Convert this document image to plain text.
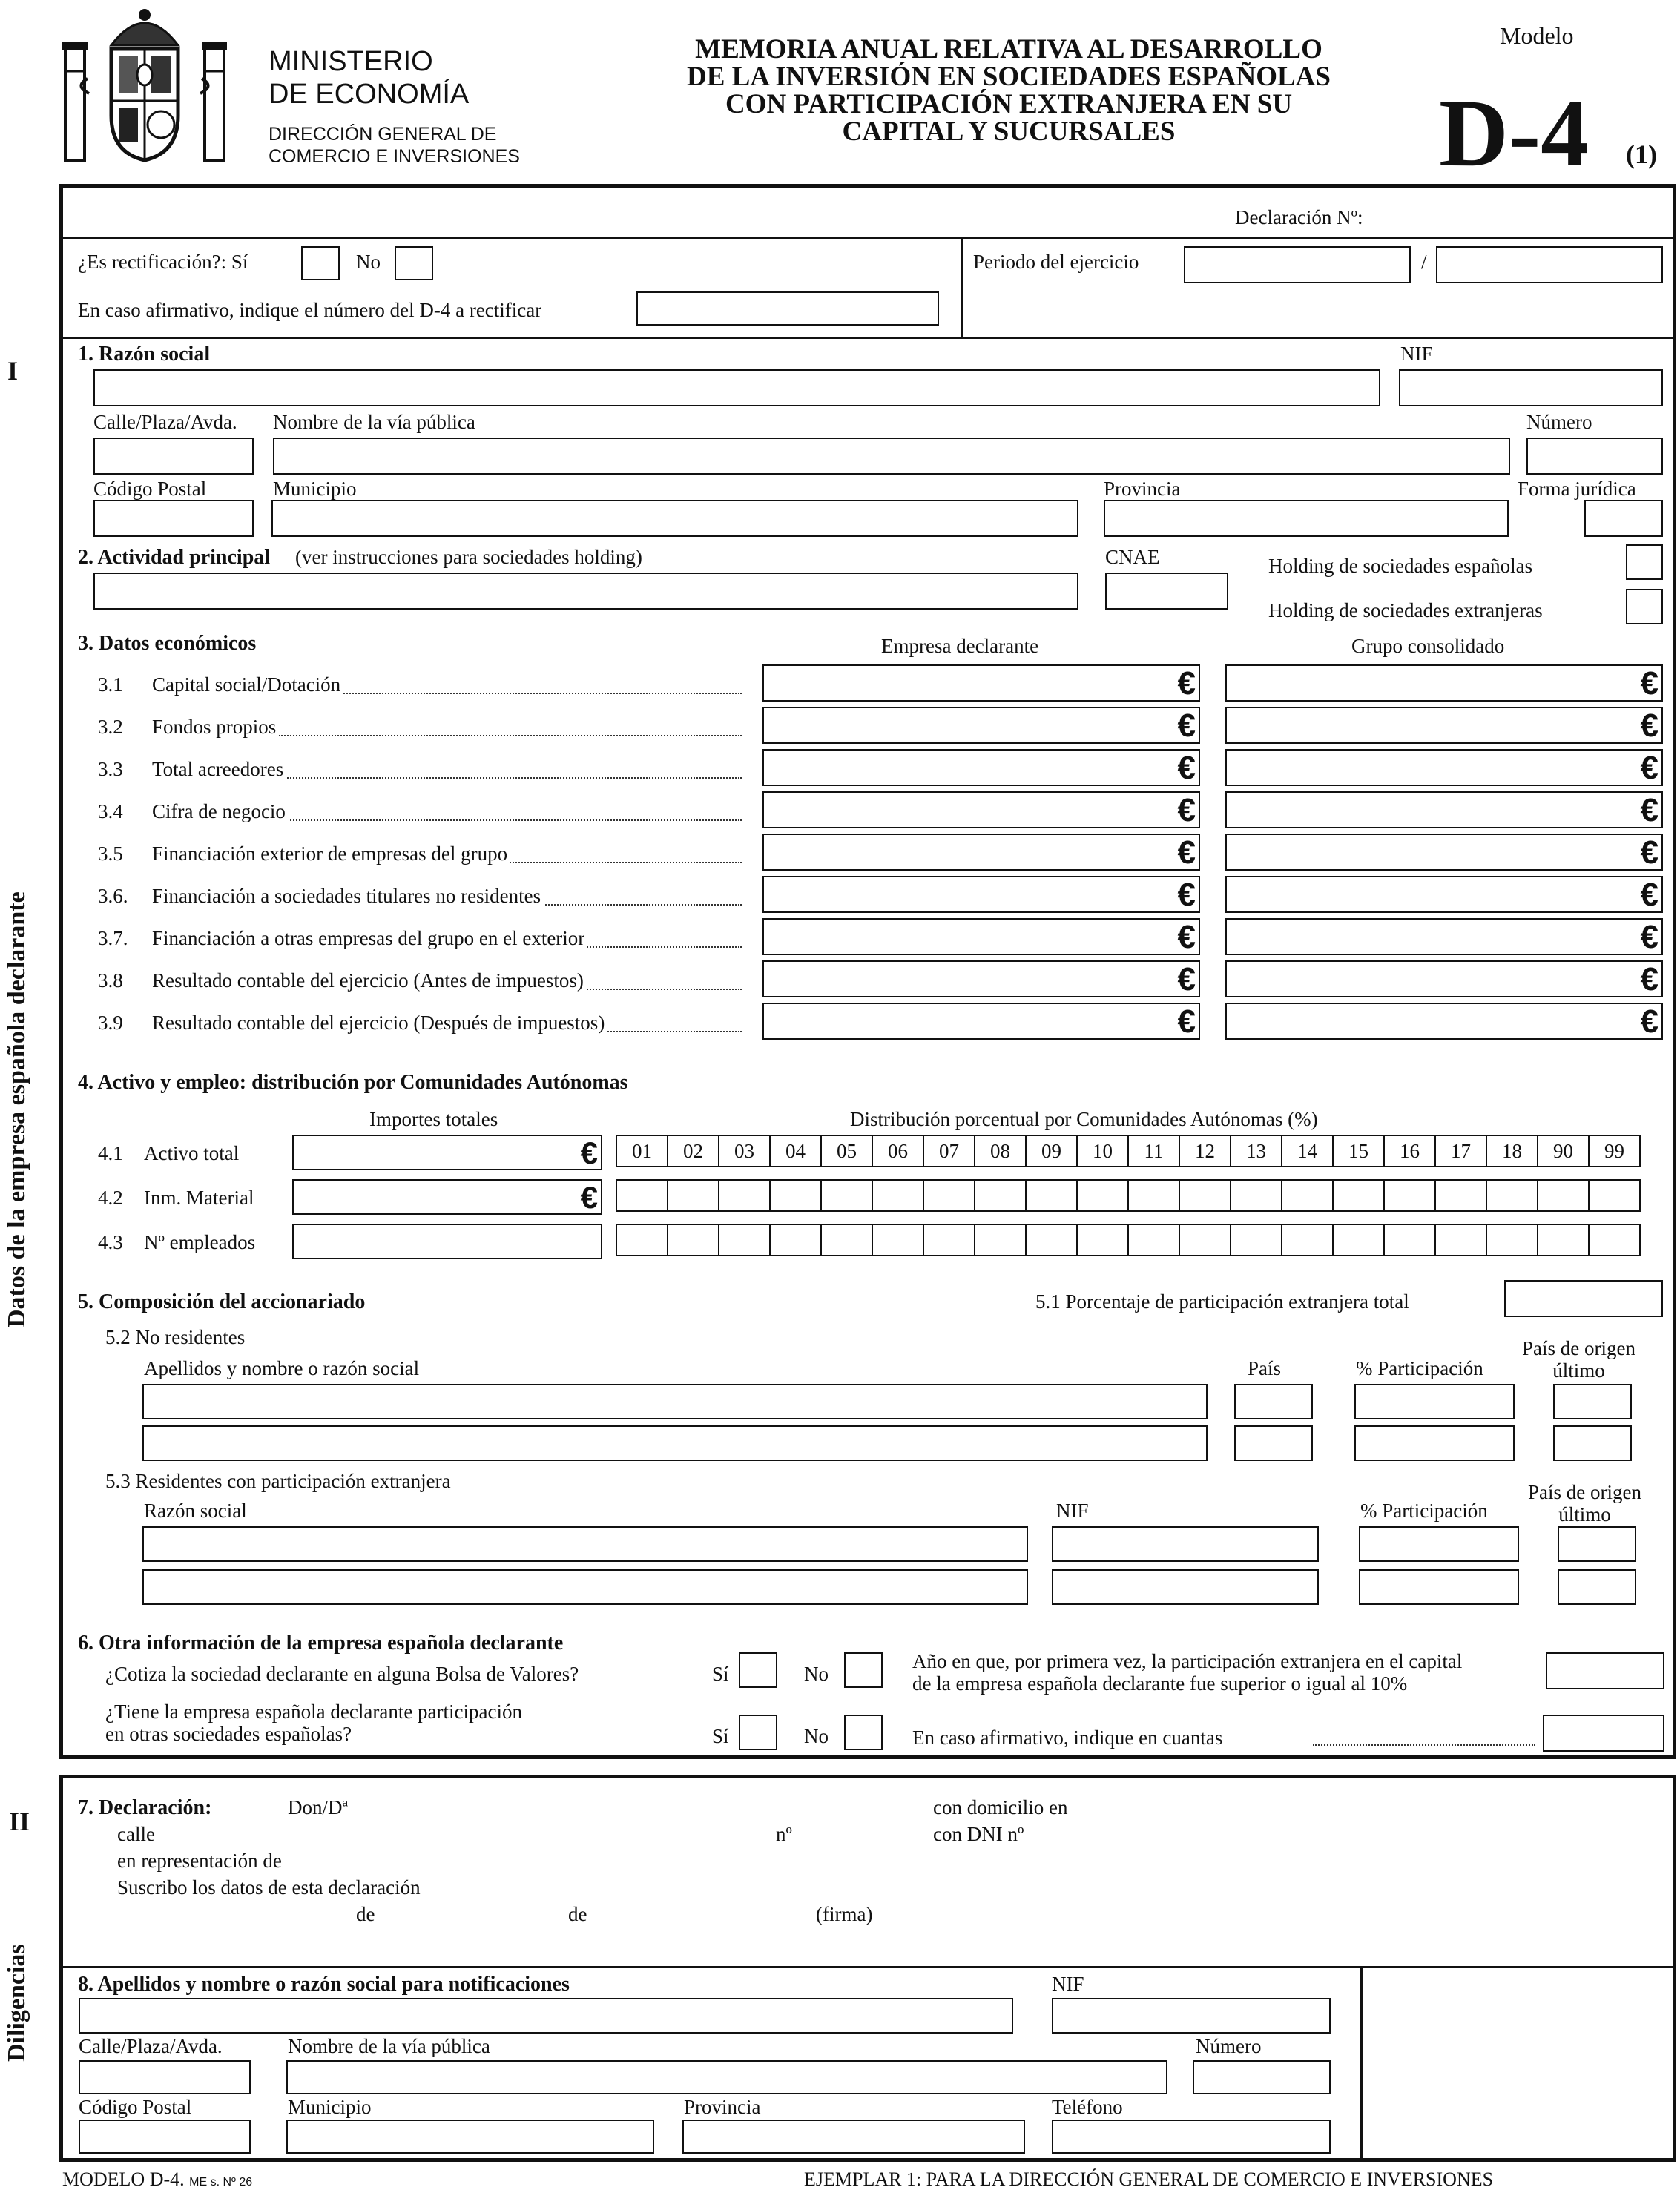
MINISTERIO
DE ECONOMÍA
DIRECCIÓN GENERAL DE
COMERCIO E INVERSIONES
MEMORIA ANUAL RELATIVA AL DESARROLLO
DE LA INVERSIÓN EN SOCIEDADES ESPAÑOLAS
CON PARTICIPACIÓN EXTRANJERA EN SU
CAPITAL Y SUCURSALES
Modelo
D-4 (1)
I
Datos de la empresa española declarante
II
Diligencias
Declaración Nº:
¿Es rectificación?: Sí	No
En caso afirmativo, indique el número del D-4 a rectificar
Periodo del ejercicio	/
1. Razón social	NIF
Calle/Plaza/Avda. Nombre de la vía pública	Número
Código Postal	Municipio	Provincia	Forma jurídica
2. Actividad principal (ver instrucciones para sociedades holding)	CNAE	Holding de sociedades españolas
Holding de sociedades extranjeras
3. Datos económicos	Empresa declarante	Grupo consolidado
3.1 Capital social/Dotación	€	€
3.2 Fondos propios	€	€
3.3 Total acreedores	€	€
3.4 Cifra de negocio	€	€
3.5 Financiación exterior de empresas del grupo	€	€
3.6. Financiación a sociedades titulares no residentes	€	€
3.7. Financiación a otras empresas del grupo en el exterior	€	€
3.8 Resultado contable del ejercicio (Antes de impuestos)	€	€
3.9 Resultado contable del ejercicio (Después de impuestos)	€	€
4. Activo y empleo: distribución por Comunidades Autónomas
Importes totales	Distribución porcentual por Comunidades Autónomas (%)
4.1 Activo total	€	01	02	03	04	05	06	07	08	09	10	11	12	13	14	15	16	17	18	90	99
4.2 Inm. Material	€
4.3 Nº empleados
5. Composición del accionariado	5.1 Porcentaje de participación extranjera total
5.2 No residentes
Apellidos y nombre o razón social	País	% Participación
País de origen
último
5.3 Residentes con participación extranjera
Razón social	NIF	% Participación
País de origen
último
6. Otra información de la empresa española declarante
¿Cotiza la sociedad declarante en alguna Bolsa de Valores?	Sí	No
Año en que, por primera vez, la participación extranjera en el capital
de la empresa española declarante fue superior o igual al 10%
¿Tiene la empresa española declarante participación
en otras sociedades españolas?	Sí	No	En caso afirmativo, indique en cuantas
7. Declaración:	Don/Dª	con domicilio en
calle	nº	con DNI nº
en representación de
Suscribo los datos de esta declaración
de	de	(firma)
8. Apellidos y nombre o razón social para notificaciones	NIF
Calle/Plaza/Avda.	Nombre de la vía pública	Número
Código Postal	Municipio	Provincia	Teléfono
MODELO D-4. ME s. Nº 26	EJEMPLAR 1: PARA LA DIRECCIÓN GENERAL DE COMERCIO E INVERSIONES
